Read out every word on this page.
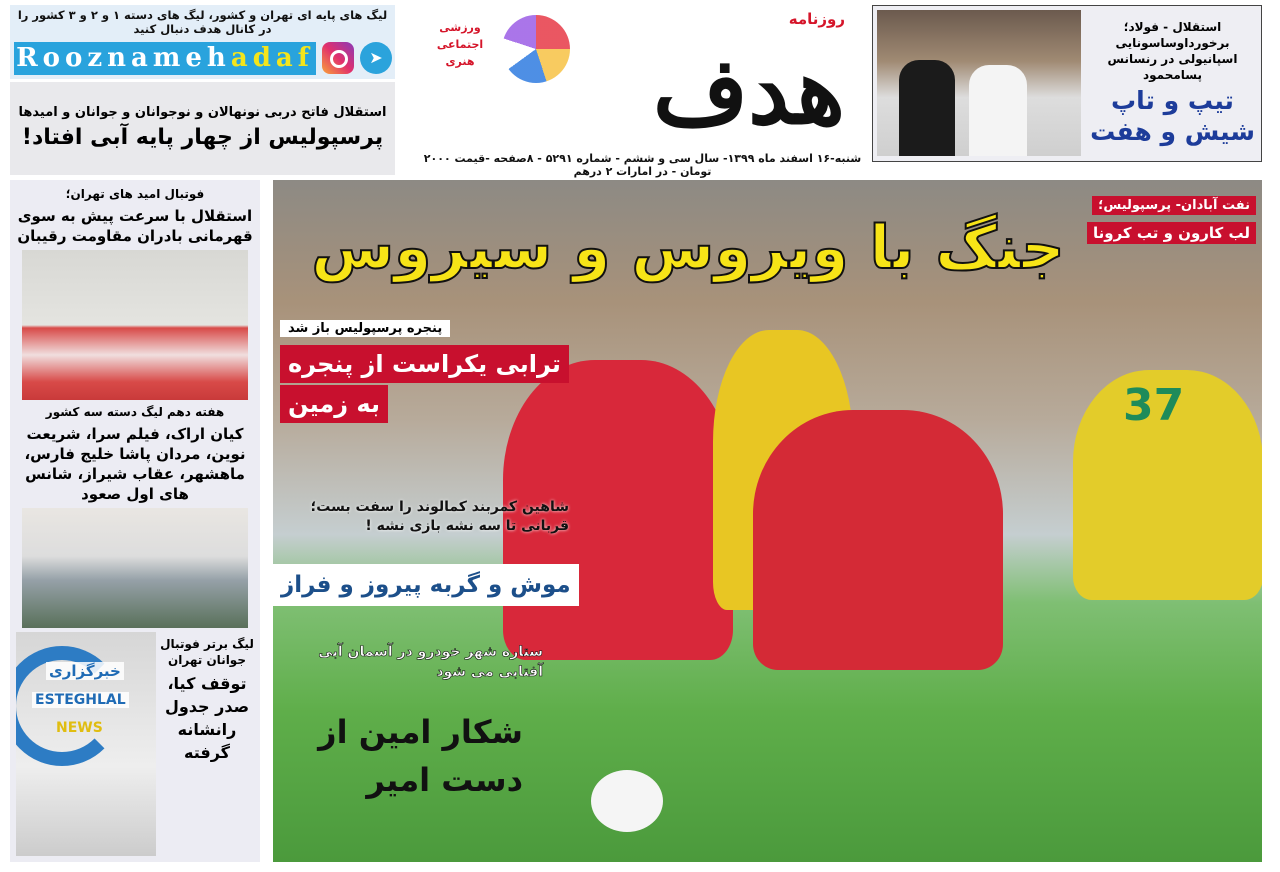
لیگ های پایه ای تهران و کشور، لیگ های دسته ۱ و ۲ و ۳ کشور را در کانال هدف دنبال کنید
Rooznamehadaf	➤
استقلال فاتح دربی نونهالان و نوجوانان و جوانان و امیدها
پرسپولیس از چهار پایه آبی افتاد!
روزنامه
هدف
ورزشی
اجتماعی
هنری
شنبه-۱۶ اسفند ماه ۱۳۹۹- سال سی و ششم - شماره ۵۲۹۱ - ۸صفحه -قیمت ۲۰۰۰ تومان - در امارات ۲ درهم
استقلال - فولاد؛ برخورداوساسونایی اسپانیولی در رنسانس پسامحمود
تیپ و تاپ شیش و هفت
فوتبال امید های تهران؛
استقلال با سرعت پیش به سوی قهرمانی بادران مقاومت رقیبان
هفته دهم لیگ دسته سه کشور
کیان اراک، فیلم سرا، شریعت نوین، مردان پاشا خلیج فارس، ماهشهر، عقاب شیراز، شانس های اول صعود
لیگ برتر فوتبال جوانان تهران
توقف کیا، صدر جدول رانشانه گرفته
خبرگزاری
ESTEGHLAL
NEWS
37
جنگ با ویروس و سیروس
نفت آبادان- پرسپولیس؛
لب کارون و تب کرونا
پنجره پرسپولیس باز شد
ترابی یکراست از پنجره
به زمین
شاهین کمربند کمالوند را سفت بست؛ قربانی تا سه نشه بازی نشه !
موش و گربه پیروز و فراز
ستاره شهر خودرو در آسمان آبی آفتابی می شود
شکار امین از دست امیر
